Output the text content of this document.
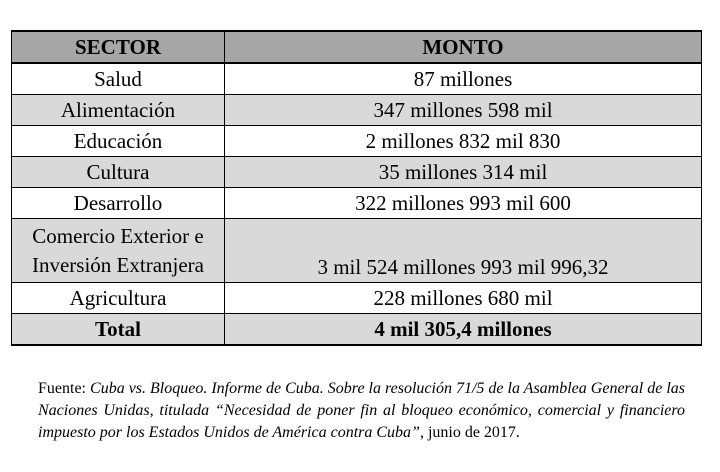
SECTOR	MONTO
Salud	87 millones
Alimentación	347 millones 598 mil
Educación	2 millones 832 mil 830
Cultura	35 millones 314 mil
Desarrollo	322 millones 993 mil 600
Comercio Exterior e Inversión Extranjera	3 mil 524 millones 993 mil 996,32
Agricultura	228 millones 680 mil
Total	4 mil 305,4 millones

Fuente: Cuba vs. Bloqueo. Informe de Cuba. Sobre la resolución 71/5 de la Asamblea General de las Naciones Unidas, titulada “Necesidad de poner fin al bloqueo económico, comercial y financiero impuesto por los Estados Unidos de América contra Cuba”, junio de 2017.
